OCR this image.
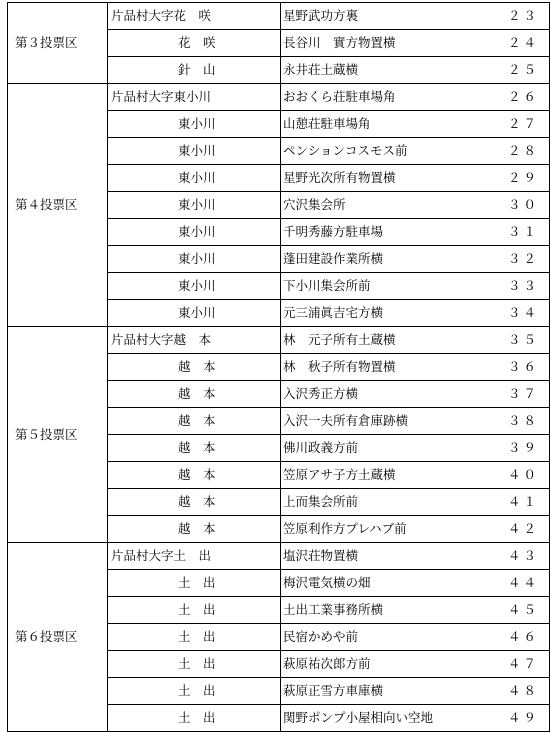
第３投票区	片品村大字花　咲	星野武功方裏	２３
	花　咲	長谷川　實方物置横	２４
	針　山	永井荘土蔵横	２５
第４投票区	片品村大字東小川	おおくら荘駐車場角	２６
	東小川	山憩荘駐車場角	２７
	東小川	ペンションコスモス前	２８
	東小川	星野光次所有物置横	２９
	東小川	穴沢集会所	３０
	東小川	千明秀藤方駐車場	３１
	東小川	蓬田建設作業所横	３２
	東小川	下小川集会所前	３３
	東小川	元三浦眞吉宅方横	３４
第５投票区	片品村大字越　本	林　元子所有土蔵横	３５
	越　本	林　秋子所有物置横	３６
	越　本	入沢秀正方横	３７
	越　本	入沢一夫所有倉庫跡横	３８
	越　本	佛川政義方前	３９
	越　本	笠原アサ子方土蔵横	４０
	越　本	上而集会所前	４１
	越　本	笠原利作方プレハブ前	４２
第６投票区	片品村大字土　出	塩沢荘物置横	４３
	土　出	梅沢電気横の畑	４４
	土　出	土出工業事務所横	４５
	土　出	民宿かめや前	４６
	土　出	萩原祐次郎方前	４７
	土　出	萩原正雪方車庫横	４８
	土　出	関野ポンプ小屋相向い空地	４９
